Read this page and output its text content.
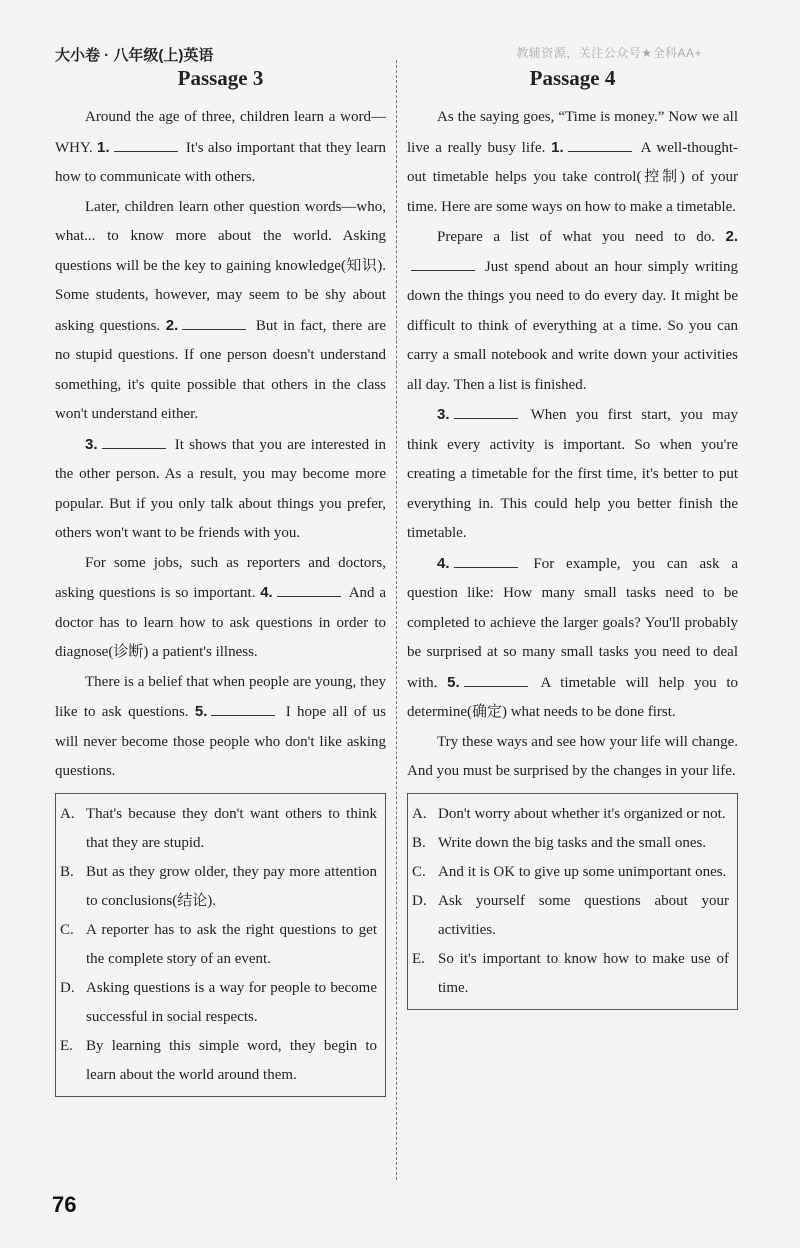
大小卷 · 八年级(上)英语	教辅资源，关注公众号★全科AA+
Passage 3

Around the age of three, children learn a word—WHY. 1.	It's also important that they learn how to communicate with others.

Later, children learn other question words—who, what... to know more about the world. Asking questions will be the key to gaining knowledge(知识). Some students, however, may seem to be shy about asking questions. 2.	But in fact, there are no stupid questions. If one person doesn't understand something, it's quite possible that others in the class won't understand either.

3.	It shows that you are interested in the other person. As a result, you may become more popular. But if you only talk about things you prefer, others won't want to be friends with you.

For some jobs, such as reporters and doctors, asking questions is so important. 4.	And a doctor has to learn how to ask questions in order to diagnose(诊断) a patient's illness.

There is a belief that when people are young, they like to ask questions. 5.	I hope all of us will never become those people who don't like asking questions.

A. That's because they don't want others to think that they are stupid.
B. But as they grow older, they pay more attention to conclusions(结论).
C. A reporter has to ask the right questions to get the complete story of an event.
D. Asking questions is a way for people to become successful in social respects.
E. By learning this simple word, they begin to learn about the world around them.
Passage 4

As the saying goes, “Time is money.” Now we all live a really busy life. 1.	A well-thought-out timetable helps you take control(控制) of your time. Here are some ways on how to make a timetable.

Prepare a list of what you need to do. 2. Just spend about an hour simply writing down the things you need to do every day. It might be difficult to think of everything at a time. So you can carry a small notebook and write down your activities all day. Then a list is finished.

3.	When you first start, you may think every activity is important. So when you're creating a timetable for the first time, it's better to put everything in. This could help you better finish the timetable.

4.	For example, you can ask a question like: How many small tasks need to be completed to achieve the larger goals? You'll probably be surprised at so many small tasks you need to deal with. 5.	A timetable will help you to determine(确定) what needs to be done first.

Try these ways and see how your life will change. And you must be surprised by the changes in your life.

A. Don't worry about whether it's organized or not.
B. Write down the big tasks and the small ones.
C. And it is OK to give up some unimportant ones.
D. Ask yourself some questions about your activities.
E. So it's important to know how to make use of time.
76
